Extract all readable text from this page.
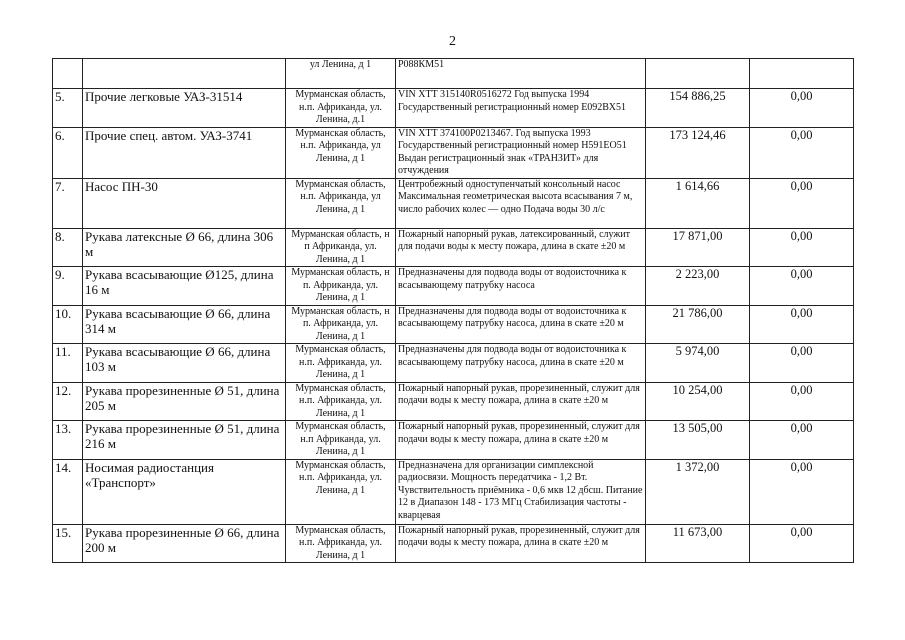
2
		ул Ленина, д 1	Р088КМ51		
5.	Прочие легковые УАЗ-31514	Мурманская область, н.п. Африканда, ул. Ленина, д.1	VIN XTT 315140R0516272 Год выпуска 1994 Государственный регистрационный номер Е092ВХ51	154 886,25	0,00
6.	Прочие спец. автом. УАЗ-3741	Мурманская область, н.п. Африканда, ул Ленина, д 1	VIN XTT 374100Р0213467. Год выпуска 1993 Государственный регистрационный номер Н591ЕО51 Выдан регистрационный знак «ТРАНЗИТ» для отчуждения	173 124,46	0,00
7.	Насос ПН-30	Мурманская область, н.п. Африканда, ул Ленина, д 1	Центробежный одноступенчатый консольный насос Максимальная геометрическая высота всасывания 7 м, число рабочих колес — одно Подача воды 30 л/с	1 614,66	0,00
8.	Рукава латексные Ø 66, длина 306 м	Мурманская область, н п Африканда, ул. Ленина, д 1	Пожарный напорный рукав, латексированный, служит для подачи воды к месту пожара, длина в скате ±20 м	17 871,00	0,00
9.	Рукава всасывающие Ø125, длина 16 м	Мурманская область, н п. Африканда, ул. Ленина, д 1	Предназначены для подвода воды от водоисточника к всасывающему патрубку насоса	2 223,00	0,00
10.	Рукава всасывающие Ø 66, длина 314 м	Мурманская область, н п. Африканда, ул. Ленина, д 1	Предназначены для подвода воды от водоисточника к всасывающему патрубку насоса, длина в скате ±20 м	21 786,00	0,00
11.	Рукава всасывающие Ø 66, длина 103 м	Мурманская область, н.п. Африканда, ул. Ленина, д 1	Предназначены для подвода воды от водоисточника к всасывающему патрубку насоса, длина в скате ±20 м	5 974,00	0,00
12.	Рукава прорезиненные Ø 51, длина 205 м	Мурманская область, н.п. Африканда, ул. Ленина, д 1	Пожарный напорный рукав, прорезиненный, служит для подачи воды к месту пожара, длина в скате ±20 м	10 254,00	0,00
13.	Рукава прорезиненные Ø 51, длина 216 м	Мурманская область, н.п Африканда, ул. Ленина, д 1	Пожарный напорный рукав, прорезиненный, служит для подачи воды к месту пожара, длина в скате ±20 м	13 505,00	0,00
14.	Носимая радиостанция «Транспорт»	Мурманская область, н.п. Африканда, ул. Ленина, д 1	Предназначена для организации симплексной радиосвязи. Мощность передатчика - 1,2 Вт. Чувствительность приёмника - 0,6 мкв 12 дбсш. Питание 12 в Диапазон 148 - 173 МГц Стабилизация частоты - кварцевая	1 372,00	0,00
15.	Рукава прорезиненные Ø 66, длина 200 м	Мурманская область, н.п. Африканда, ул. Ленина, д 1	Пожарный напорный рукав, прорезиненный, служит для подачи воды к месту пожара, длина в скате ±20 м	11 673,00	0,00
